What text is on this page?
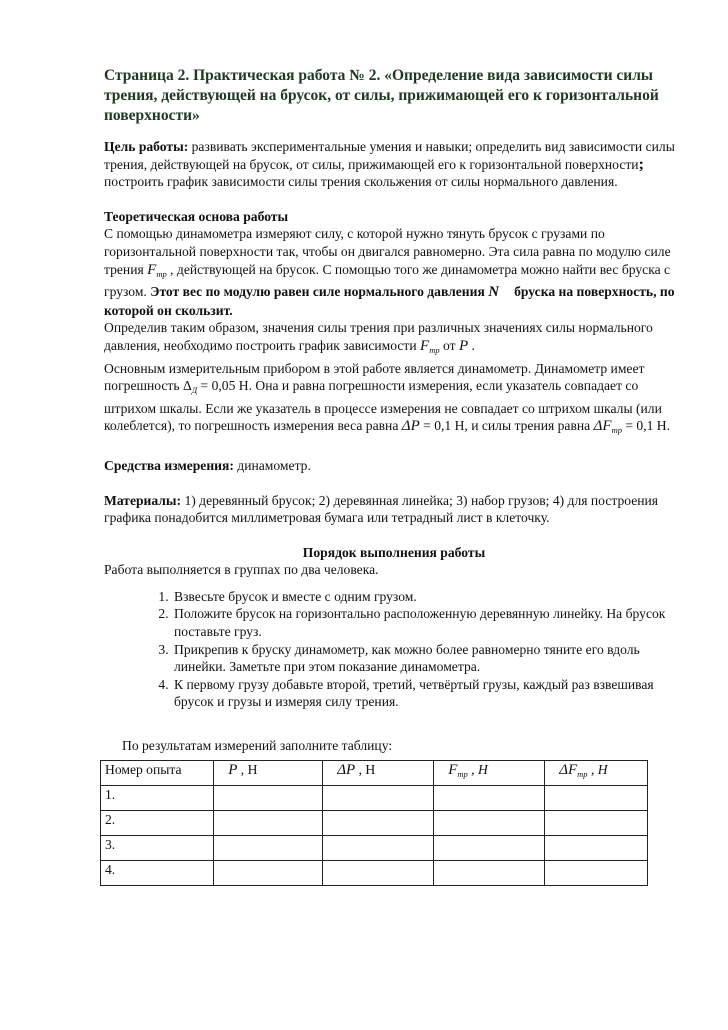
Страница 2. Практическая работа № 2. «Определение вида зависимости силы трения, действующей на брусок, от силы, прижимающей его к горизонтальной поверхности»

Цель работы: развивать экспериментальные умения и навыки; определить вид зависимости силы трения, действующей на брусок, от силы, прижимающей его к горизонтальной поверхности; построить график зависимости силы трения скольжения от силы нормального давления.

Теоретическая основа работы

С помощью динамометра измеряют силу, с которой нужно тянуть брусок с грузами по горизонтальной поверхности так, чтобы он двигался равномерно. Эта сила равна по модулю силе трения $F_{тр}$ , действующей на брусок. С помощью того же динамометра можно найти вес бруска с грузом. Этот вес по модулю равен силе нормального давления N⃗ бруска на поверхность, по которой он скользит.

Определив таким образом, значения силы трения при различных значениях силы нормального давления, необходимо построить график зависимости $F_{тр}$ от P .

Основным измерительным прибором в этой работе является динамометр. Динамометр имеет погрешность $\Delta_Д = 0,05$ Н. Она и равна погрешности измерения, если указатель совпадает со штрихом шкалы. Если же указатель в процессе измерения не совпадает со штрихом шкалы (или колеблется), то погрешность измерения веса равна ΔP = 0,1 Н, и силы трения равна $\Delta F_{тр} = 0,1$ Н.

Средства измерения: динамометр.

Материалы: 1) деревянный брусок; 2) деревянная линейка; 3) набор грузов; 4) для построения графика понадобится миллиметровая бумага или тетрадный лист в клеточку.

Порядок выполнения работы

Работа выполняется в группах по два человека.

1. Взвесьте брусок и вместе с одним грузом.
2. Положите брусок на горизонтально расположенную деревянную линейку. На брусок поставьте груз.
3. Прикрепив к бруску динамометр, как можно более равномерно тяните его вдоль линейки. Заметьте при этом показание динамометра.
4. К первому грузу добавьте второй, третий, четвёртый грузы, каждый раз взвешивая брусок и грузы и измеряя силу трения.

По результатам измерений заполните таблицу:

Номер опыта	P , Н	ΔP , Н	$F_{тр}$ , Н	$\Delta F_{тр}$ , Н
1.				
2.				
3.				
4.				
